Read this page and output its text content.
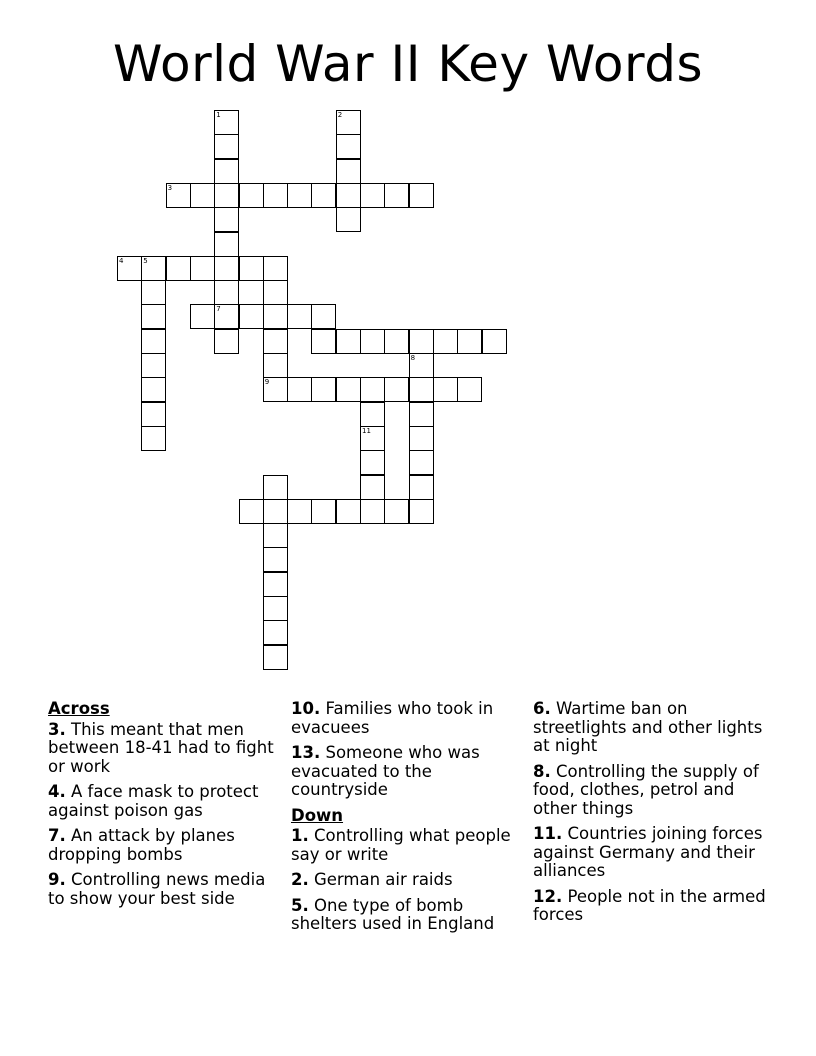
World War II Key Words
1
7
2
3
4	5
9
11
8
Across
3. This meant that men between 18-41 had to fight or work
4. A face mask to protect against poison gas
7. An attack by planes dropping bombs
9. Controlling news media to show your best side
10. Families who took in evacuees
13. Someone who was evacuated to the countryside
Down
1. Controlling what people say or write
2. German air raids
5. One type of bomb shelters used in England
6. Wartime ban on streetlights and other lights at night
8. Controlling the supply of food, clothes, petrol and other things
11. Countries joining forces against Germany and their alliances
12. People not in the armed forces
